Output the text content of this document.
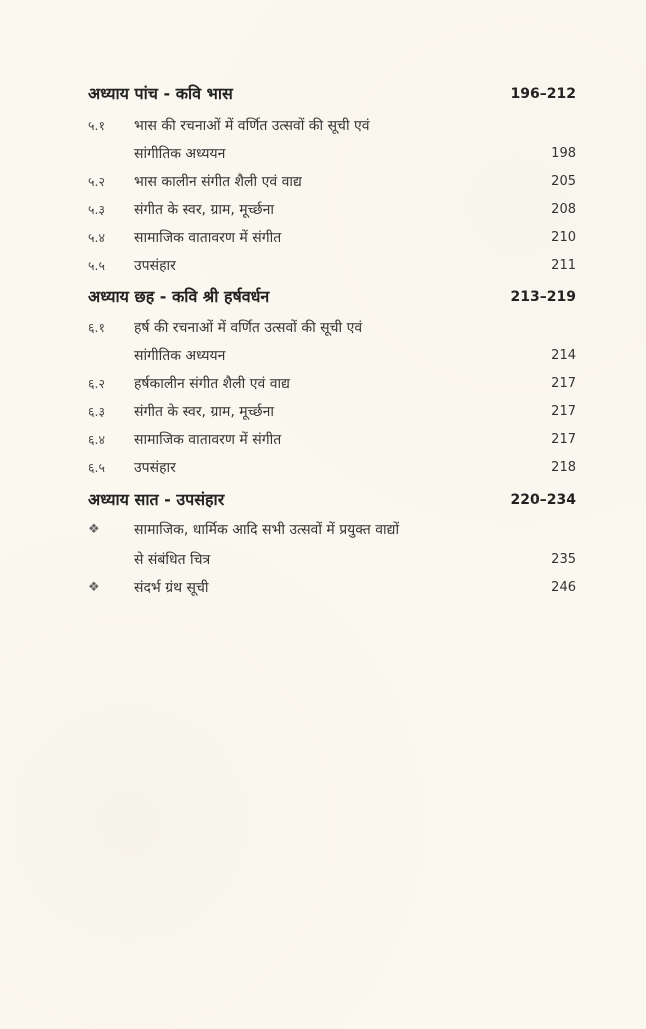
अध्याय पांच - कवि भास	196–212
५.१	भास की रचनाओं में वर्णित उत्सवों की सूची एवं
सांगीतिक अध्ययन	198
५.२	भास कालीन संगीत शैली एवं वाद्य	205
५.३	संगीत के स्वर, ग्राम, मूर्च्छना	208
५.४	सामाजिक वातावरण में संगीत	210
५.५	उपसंहार	211
अध्याय छह - कवि श्री हर्षवर्धन	213–219
६.१	हर्ष की रचनाओं में वर्णित उत्सवों की सूची एवं
सांगीतिक अध्ययन	214
६.२	हर्षकालीन संगीत शैली एवं वाद्य	217
६.३	संगीत के स्वर, ग्राम, मूर्च्छना	217
६.४	सामाजिक वातावरण में संगीत	217
६.५	उपसंहार	218
अध्याय सात - उपसंहार	220–234
❖	सामाजिक, धार्मिक आदि सभी उत्सवों में प्रयुक्त वाद्यों
से संबंधित चित्र	235
❖	संदर्भ ग्रंथ सूची	246
